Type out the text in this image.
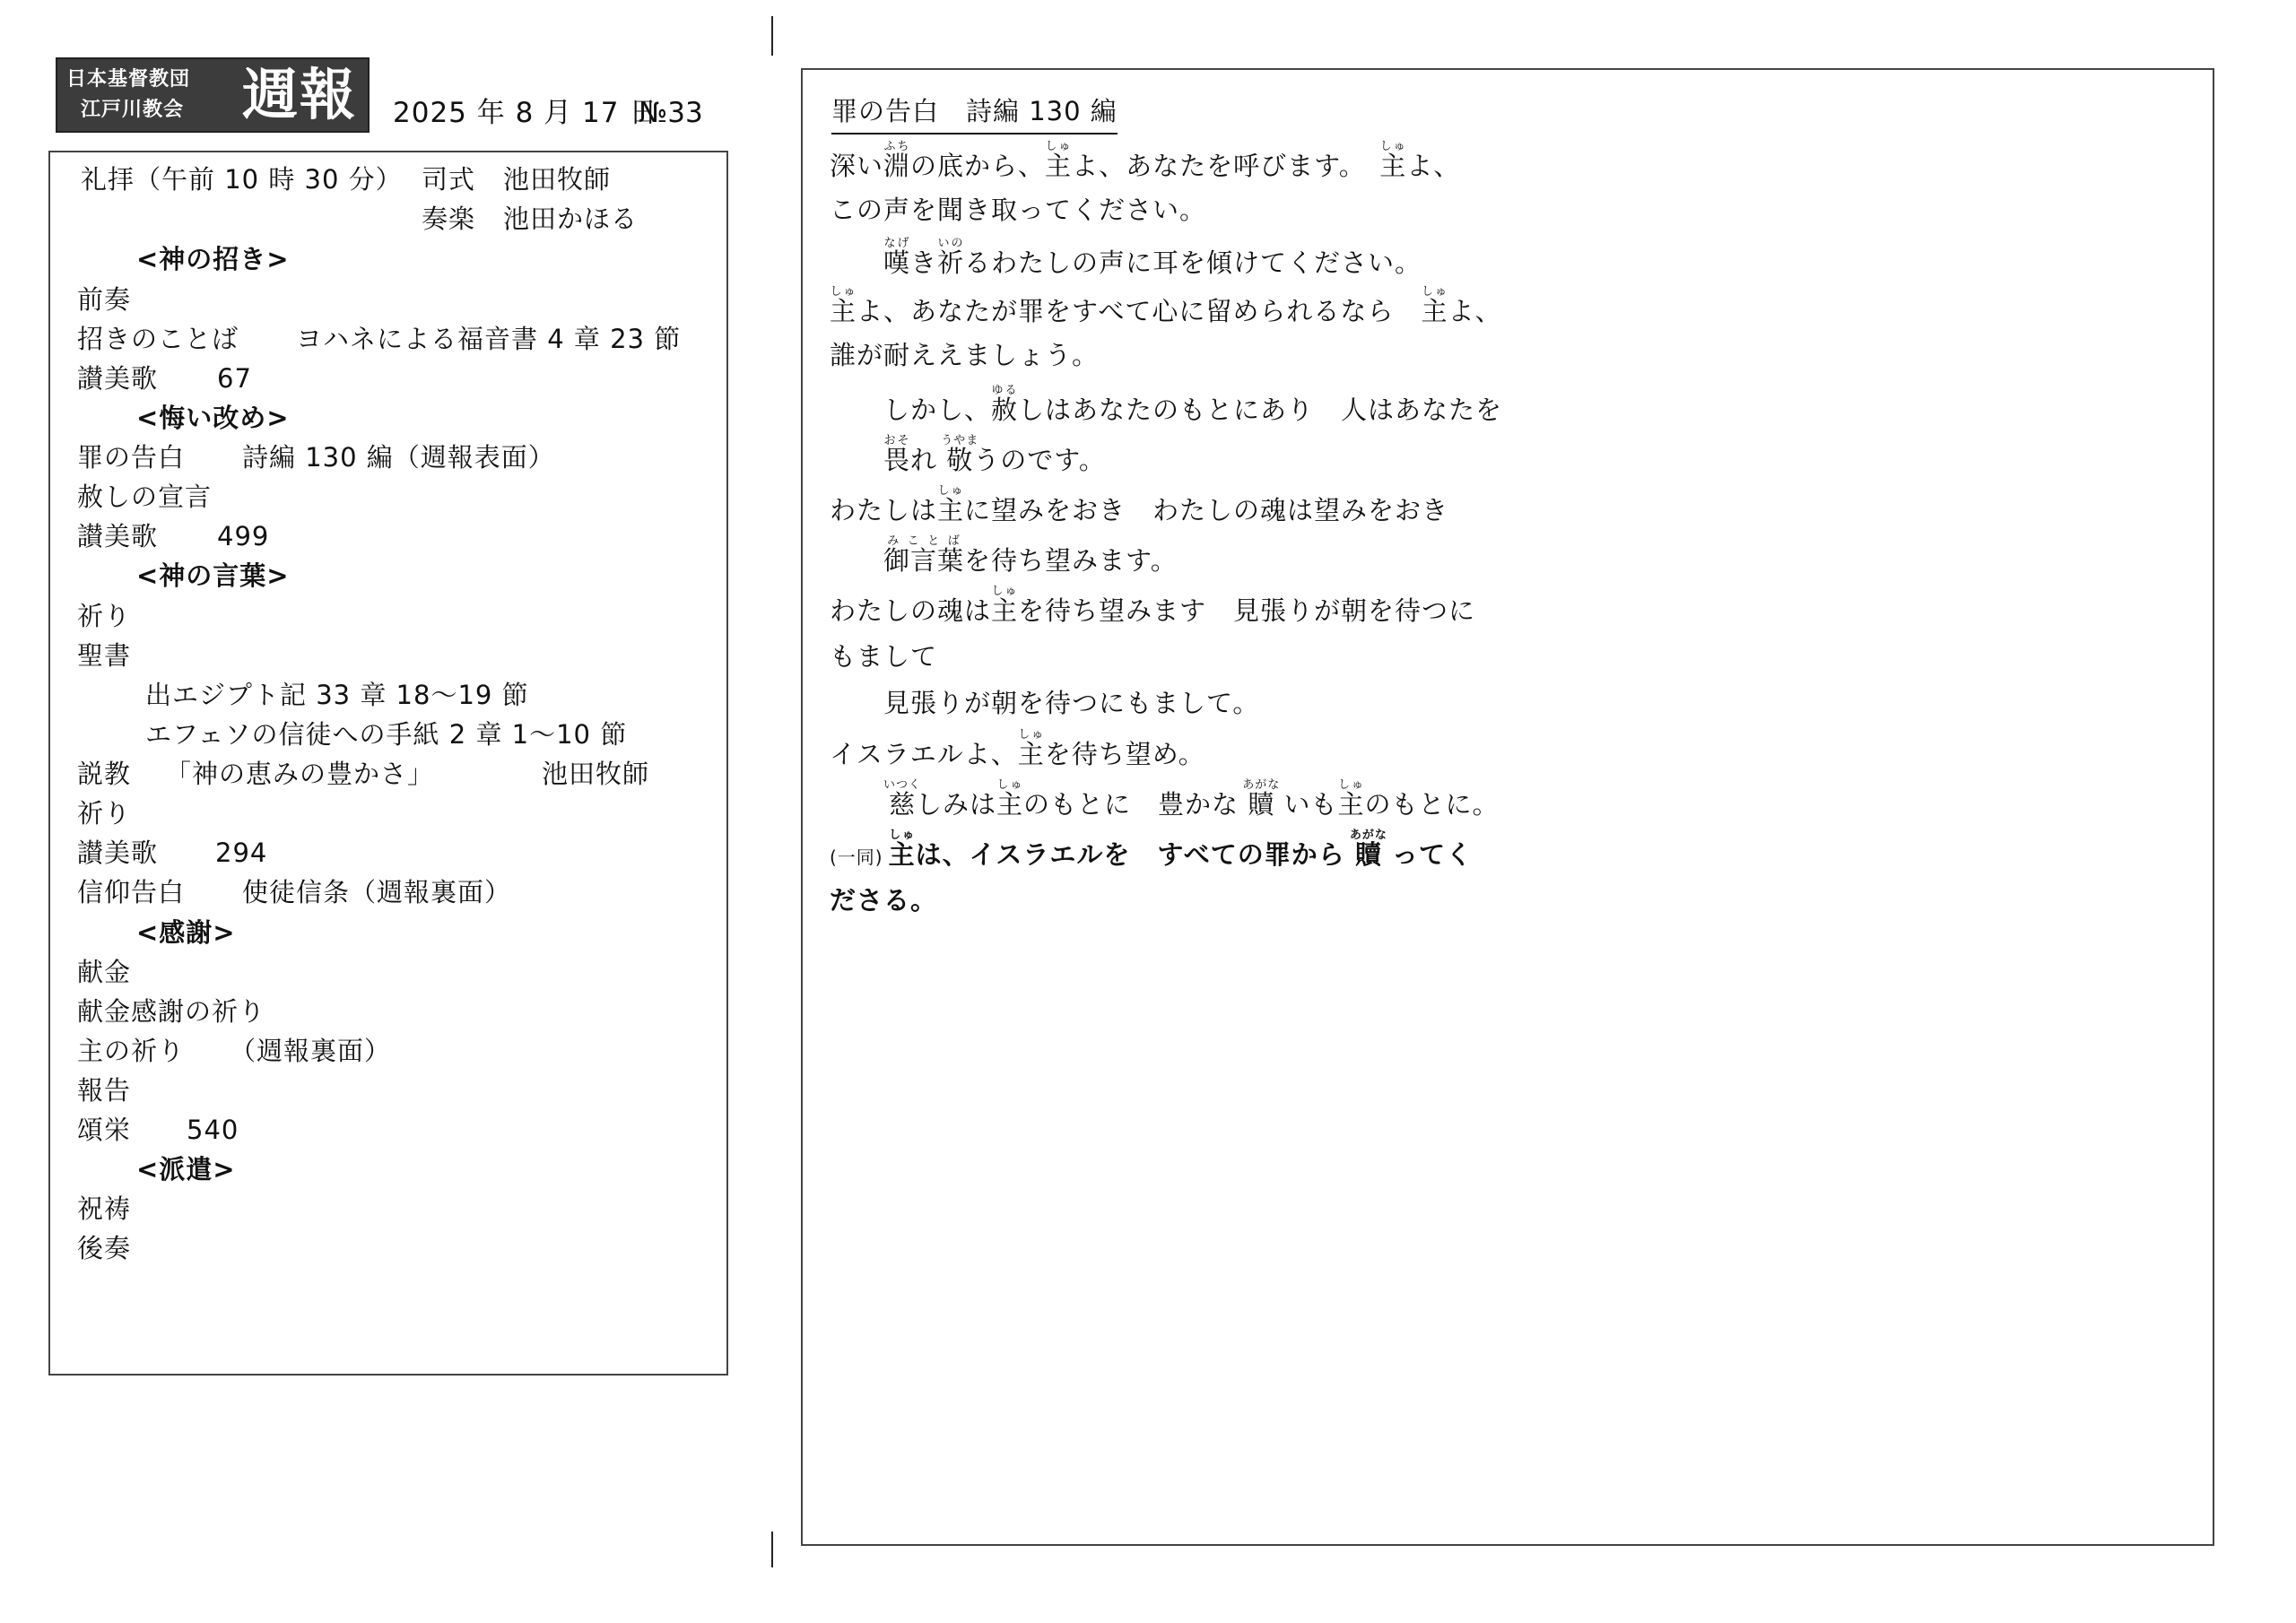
日本基督教団
江戸川教会 週報 2025 年 8 月 17 日
№33
礼拝（午前 10 時 30 分） 司式 池田牧師
奏楽 池田かほる
<神の招き>
前奏
招きのことば ヨハネによる福音書 4 章 23 節
讃美歌 67
<悔い改め>
罪の告白 詩編 130 編（週報表面）
赦しの宣言
讃美歌 499
<神の言葉>
祈り
聖書
出エジプト記 33 章 18～19 節
エフェソの信徒への手紙 2 章 1～10 節
説教 「神の恵みの豊かさ」	池田牧師
祈り
讃美歌 294
信仰告白 使徒信条（週報裏面）
<感謝>
献金
献金感謝の祈り
主の祈り （週報裏面）
報告
頌栄 540
<派遣>
祝祷
後奏
罪の告白　詩編 130 編
深い淵ふちの底から、主しゅよ、あなたを呼びます。　主しゅよ、
この声を聞き取ってください。
嘆なげき祈いのるわたしの声に耳を傾けてください。
主しゅよ、あなたが罪をすべて心に留められるなら　主しゅよ、
誰が耐ええましょう。
しかし、赦ゆるしはあなたのもとにあり　人はあなたを
畏おそれ 敬うやまうのです。
わたしは主しゅに望みをおき　わたしの魂は望みをおき
御言葉みことばを待ち望みます。
わたしの魂は主しゅを待ち望みます　見張りが朝を待つに
もまして
見張りが朝を待つにもまして。
イスラエルよ、主しゅを待ち望め。
慈いつくしみは主しゅのもとに　豊かな 贖あがな いも主しゅのもとに。
(一同) 主しゅは、イスラエルを　すべての罪から 贖あがな ってく
ださる。
